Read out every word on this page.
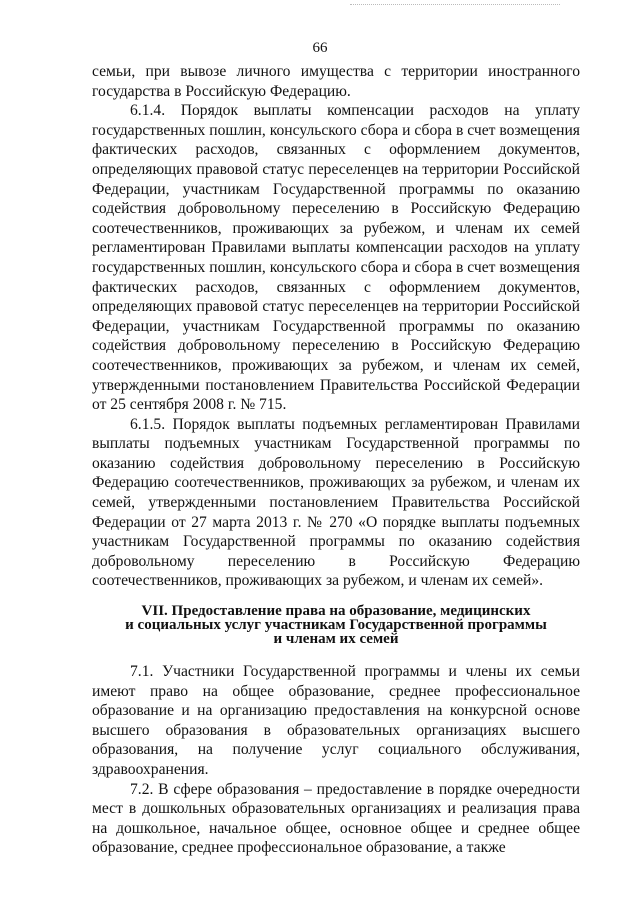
66

семьи, при вывозе личного имущества с территории иностранного государства в Российскую Федерацию.

6.1.4. Порядок выплаты компенсации расходов на уплату государственных пошлин, консульского сбора и сбора в счет возмещения фактических расходов, связанных с оформлением документов, определяющих правовой статус переселенцев на территории Российской Федерации, участникам Государственной программы по оказанию содействия добровольному переселению в Российскую Федерацию соотечественников, проживающих за рубежом, и членам их семей регламентирован Правилами выплаты компенсации расходов на уплату государственных пошлин, консульского сбора и сбора в счет возмещения фактических расходов, связанных с оформлением документов, определяющих правовой статус переселенцев на территории Российской Федерации, участникам Государственной программы по оказанию содействия добровольному переселению в Российскую Федерацию соотечественников, проживающих за рубежом, и членам их семей, утвержденными постановлением Правительства Российской Федерации от 25 сентября 2008 г. № 715.

6.1.5. Порядок выплаты подъемных регламентирован Правилами выплаты подъемных участникам Государственной программы по оказанию содействия добровольному переселению в Российскую Федерацию соотечественников, проживающих за рубежом, и членам их семей, утвержденными постановлением Правительства Российской Федерации от 27 марта 2013 г. № 270 «О порядке выплаты подъемных участникам Государственной программы по оказанию содействия добровольному переселению в Российскую Федерацию соотечественников, проживающих за рубежом, и членам их семей».

VII. Предоставление права на образование, медицинских
и социальных услуг участникам Государственной программы
и членам их семей

7.1. Участники Государственной программы и члены их семьи имеют право на общее образование, среднее профессиональное образование и на организацию предоставления на конкурсной основе высшего образования в образовательных организациях высшего образования, на получение услуг социального обслуживания, здравоохранения.

7.2. В сфере образования – предоставление в порядке очередности мест в дошкольных образовательных организациях и реализация права на дошкольное, начальное общее, основное общее и среднее общее образование, среднее профессиональное образование, а также
